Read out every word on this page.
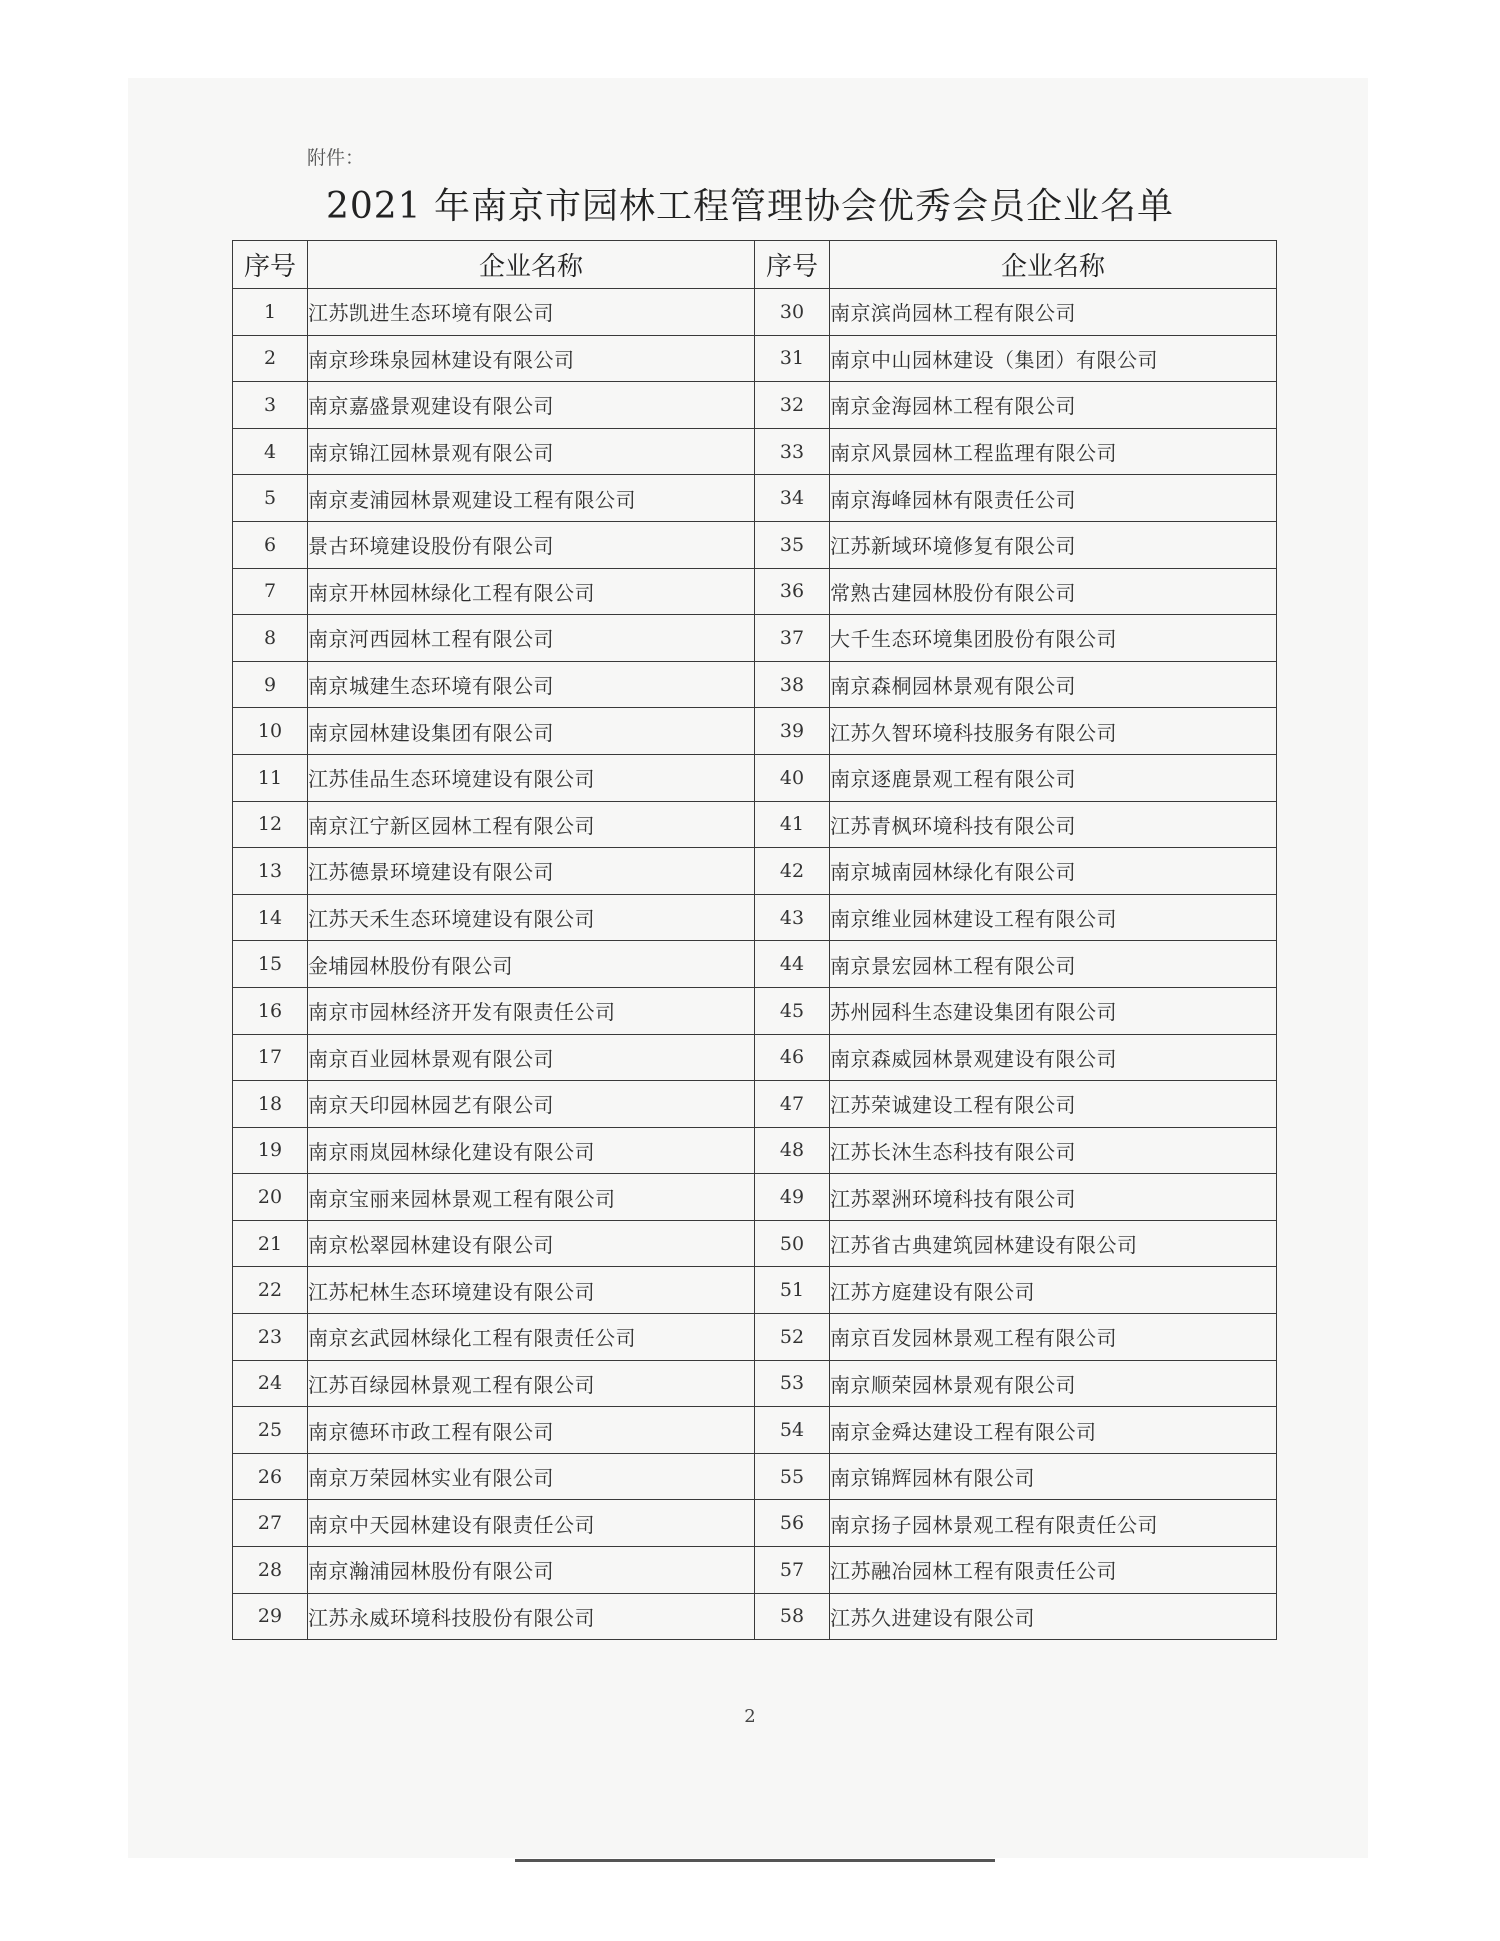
附件：
2021 年南京市园林工程管理协会优秀会员企业名单
序号	企业名称	序号	企业名称
1	江苏凯进生态环境有限公司	30	南京滨尚园林工程有限公司
2	南京珍珠泉园林建设有限公司	31	南京中山园林建设（集团）有限公司
3	南京嘉盛景观建设有限公司	32	南京金海园林工程有限公司
4	南京锦江园林景观有限公司	33	南京风景园林工程监理有限公司
5	南京麦浦园林景观建设工程有限公司	34	南京海峰园林有限责任公司
6	景古环境建设股份有限公司	35	江苏新域环境修复有限公司
7	南京开林园林绿化工程有限公司	36	常熟古建园林股份有限公司
8	南京河西园林工程有限公司	37	大千生态环境集团股份有限公司
9	南京城建生态环境有限公司	38	南京森桐园林景观有限公司
10	南京园林建设集团有限公司	39	江苏久智环境科技服务有限公司
11	江苏佳品生态环境建设有限公司	40	南京逐鹿景观工程有限公司
12	南京江宁新区园林工程有限公司	41	江苏青枫环境科技有限公司
13	江苏德景环境建设有限公司	42	南京城南园林绿化有限公司
14	江苏天禾生态环境建设有限公司	43	南京维业园林建设工程有限公司
15	金埔园林股份有限公司	44	南京景宏园林工程有限公司
16	南京市园林经济开发有限责任公司	45	苏州园科生态建设集团有限公司
17	南京百业园林景观有限公司	46	南京森威园林景观建设有限公司
18	南京天印园林园艺有限公司	47	江苏荣诚建设工程有限公司
19	南京雨岚园林绿化建设有限公司	48	江苏长沐生态科技有限公司
20	南京宝丽来园林景观工程有限公司	49	江苏翠洲环境科技有限公司
21	南京松翠园林建设有限公司	50	江苏省古典建筑园林建设有限公司
22	江苏杞林生态环境建设有限公司	51	江苏方庭建设有限公司
23	南京玄武园林绿化工程有限责任公司	52	南京百发园林景观工程有限公司
24	江苏百绿园林景观工程有限公司	53	南京顺荣园林景观有限公司
25	南京德环市政工程有限公司	54	南京金舜达建设工程有限公司
26	南京万荣园林实业有限公司	55	南京锦辉园林有限公司
27	南京中天园林建设有限责任公司	56	南京扬子园林景观工程有限责任公司
28	南京瀚浦园林股份有限公司	57	江苏融冶园林工程有限责任公司
29	江苏永威环境科技股份有限公司	58	江苏久进建设有限公司
2
